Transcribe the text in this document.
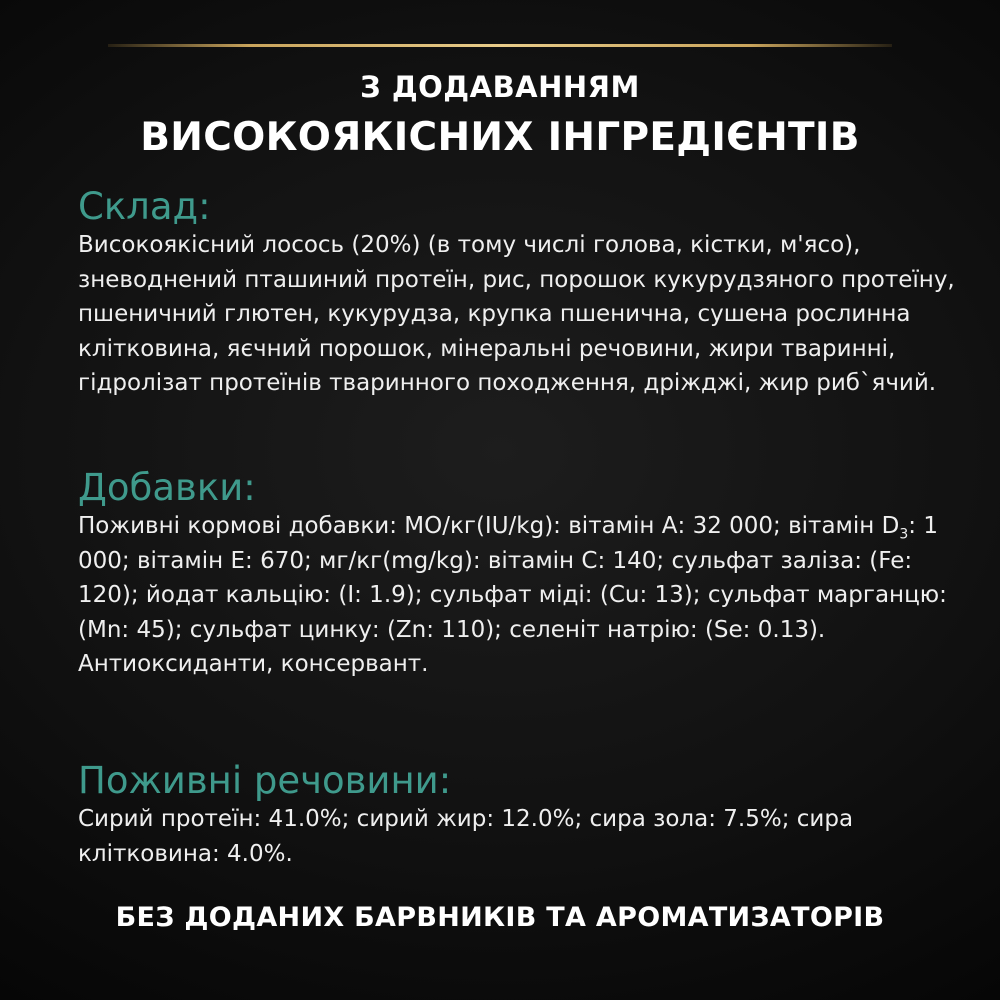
З ДОДАВАННЯМ
ВИСОКОЯКІСНИХ ІНГРЕДІЄНТІВ
Склад:

Високоякісний лосось (20%) (в тому числі голова, кістки, м'ясо), зневоднений пташиний протеїн, рис, порошок кукурудзяного протеїну, пшеничний глютен, кукурудза, крупка пшенична, сушена рослинна клітковина, яєчний порошок, мінеральні речовини, жири тваринні, гідролізат протеїнів тваринного походження, дріжджі, жир риб`ячий.

Добавки:

Поживні кормові добавки: МО/кг(IU/kg): вітамін А: 32 000; вітамін $D_3$: 1 000; вітамін Е: 670; мг/кг(mg/kg): вітамін С: 140; сульфат заліза: (Fe: 120); йодат кальцію: (I: 1.9); сульфат міді: (Cu: 13); сульфат марганцю: (Mn: 45); сульфат цинку: (Zn: 110); селеніт натрію: (Se: 0.13). Антиоксиданти, консервант.

Поживні речовини:

Сирий протеїн: 41.0%; сирий жир: 12.0%; сира зола: 7.5%; сира клітковина: 4.0%.

БЕЗ ДОДАНИХ БАРВНИКІВ ТА АРОМАТИЗАТОРІВ
